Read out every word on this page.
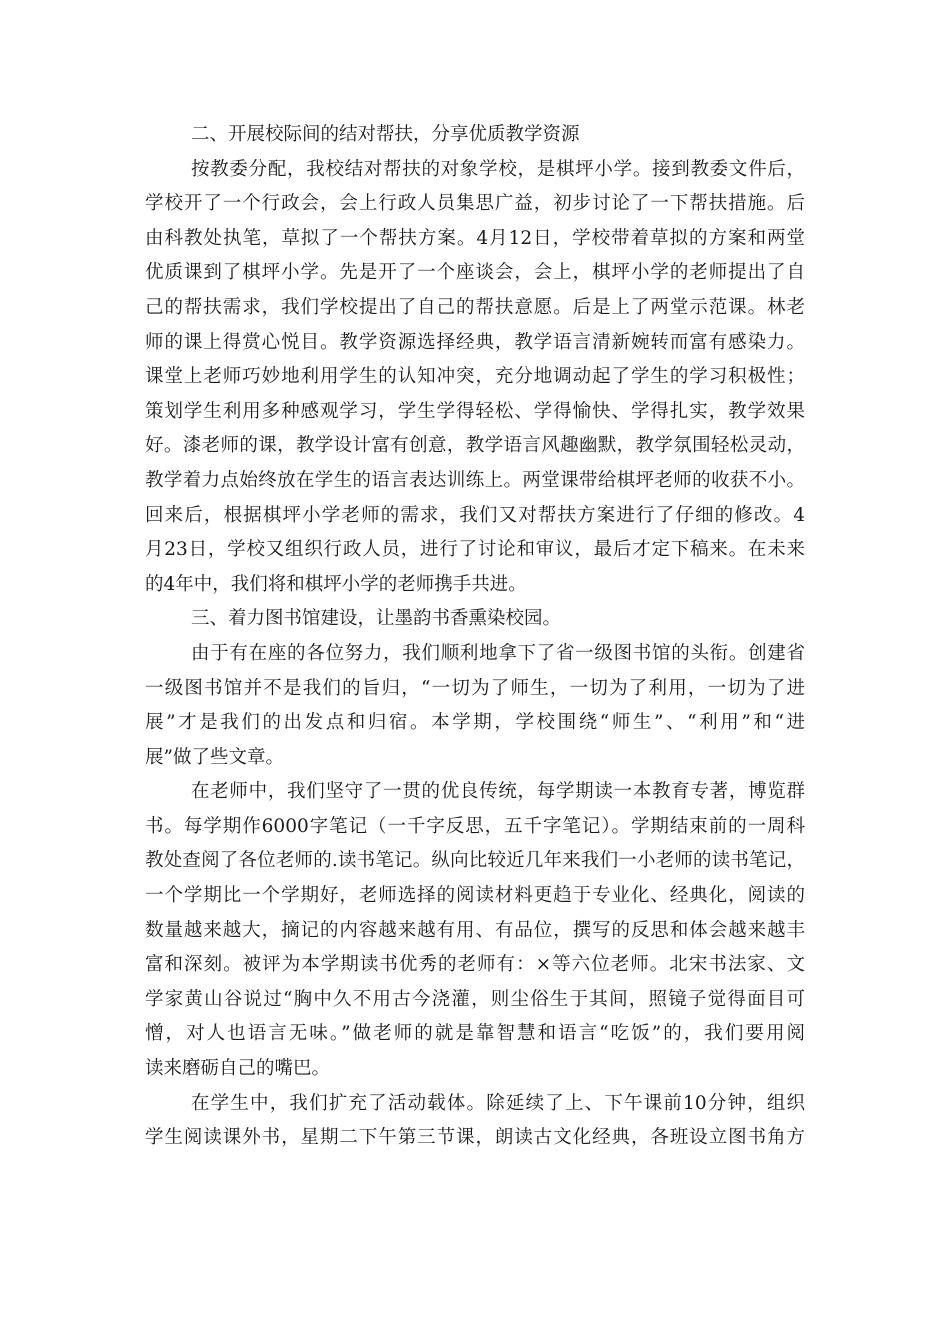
二、开展校际间的结对帮扶，分享优质教学资源
按教委分配，我校结对帮扶的对象学校，是棋坪小学。接到教委文件后，
学校开了一个行政会，会上行政人员集思广益，初步讨论了一下帮扶措施。后
由科教处执笔，草拟了一个帮扶方案。4月12日，学校带着草拟的方案和两堂
优质课到了棋坪小学。先是开了一个座谈会，会上，棋坪小学的老师提出了自
己的帮扶需求，我们学校提出了自己的帮扶意愿。后是上了两堂示范课。林老
师的课上得赏心悦目。教学资源选择经典，教学语言清新婉转而富有感染力。
课堂上老师巧妙地利用学生的认知冲突，充分地调动起了学生的学习积极性；
策划学生利用多种感观学习，学生学得轻松、学得愉快、学得扎实，教学效果
好。漆老师的课，教学设计富有创意，教学语言风趣幽默，教学氛围轻松灵动，
教学着力点始终放在学生的语言表达训练上。两堂课带给棋坪老师的收获不小。
回来后，根据棋坪小学老师的需求，我们又对帮扶方案进行了仔细的修改。4
月23日，学校又组织行政人员，进行了讨论和审议，最后才定下稿来。在未来
的4年中，我们将和棋坪小学的老师携手共进。
三、着力图书馆建设，让墨韵书香熏染校园。
由于有在座的各位努力，我们顺利地拿下了省一级图书馆的头衔。创建省
一级图书馆并不是我们的旨归，“一切为了师生，一切为了利用，一切为了进
展”才是我们的出发点和归宿。本学期，学校围绕“师生”、“利用”和“进
展”做了些文章。
在老师中，我们坚守了一贯的优良传统，每学期读一本教育专著，博览群
书。每学期作6000字笔记（一千字反思，五千字笔记）。学期结束前的一周科
教处查阅了各位老师的.读书笔记。纵向比较近几年来我们一小老师的读书笔记，
一个学期比一个学期好，老师选择的阅读材料更趋于专业化、经典化，阅读的
数量越来越大，摘记的内容越来越有用、有品位，撰写的反思和体会越来越丰
富和深刻。被评为本学期读书优秀的老师有：×等六位老师。北宋书法家、文
学家黄山谷说过“胸中久不用古今浇灌，则尘俗生于其间，照镜子觉得面目可
憎，对人也语言无味。”做老师的就是靠智慧和语言“吃饭”的，我们要用阅
读来磨砺自己的嘴巴。
在学生中，我们扩充了活动载体。除延续了上、下午课前10分钟，组织
学生阅读课外书，星期二下午第三节课，朗读古文化经典，各班设立图书角方
